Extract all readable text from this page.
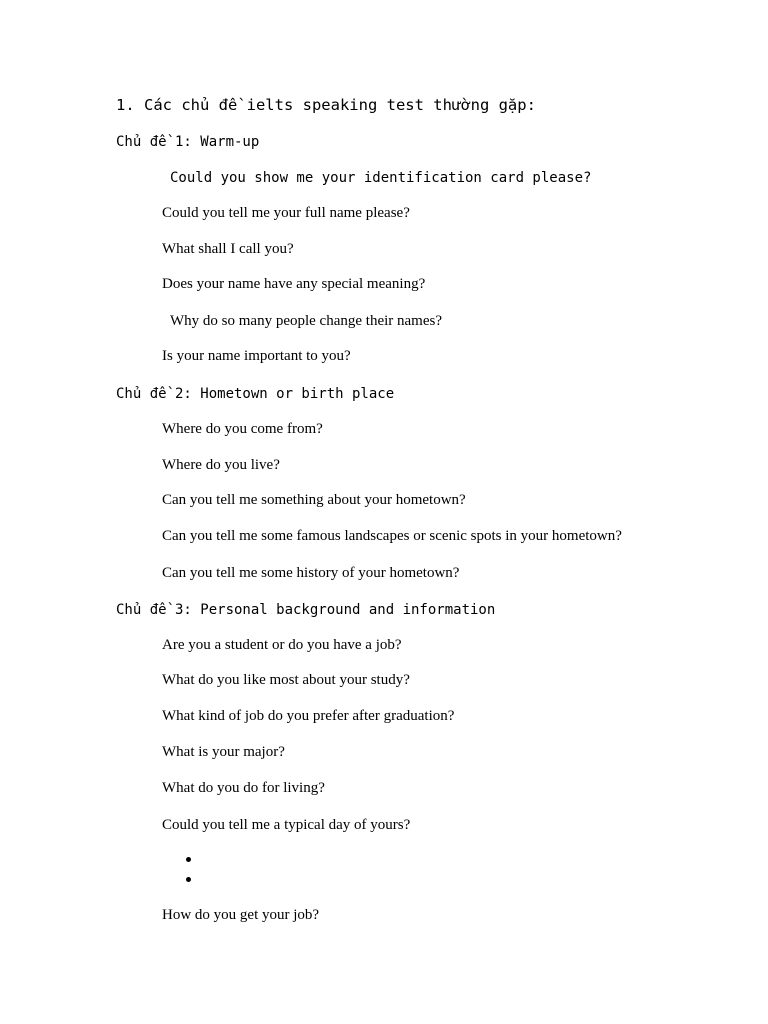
1. Các chủ đề ielts speaking test thường gặp:
Chủ đề 1: Warm-up
Could you show me your identification card please?
Could you tell me your full name please?
What shall I call you?
Does your name have any special meaning?
Why do so many people change their names?
Is your name important to you?
Chủ đề 2: Hometown or birth place
Where do you come from?
Where do you live?
Can you tell me something about your hometown?
Can you tell me some famous landscapes or scenic spots in your hometown?
Can you tell me some history of your hometown?
Chủ đề 3: Personal background and information
Are you a student or do you have a job?
What do you like most about your study?
What kind of job do you prefer after graduation?
What is your major?
What do you do for living?
Could you tell me a typical day of yours?
How do you get your job?
